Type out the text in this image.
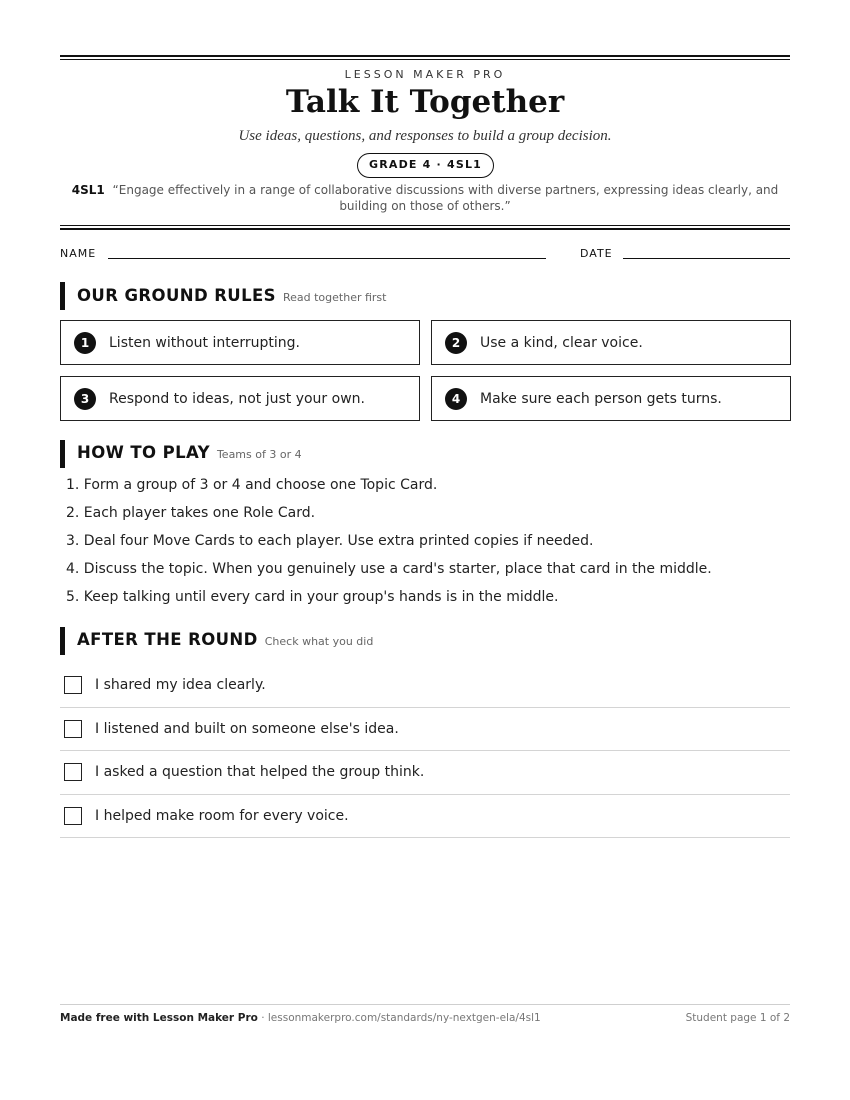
LESSON MAKER PRO
Talk It Together
Use ideas, questions, and responses to build a group decision.
GRADE 4 · 4SL1
4SL1 “Engage effectively in a range of collaborative discussions with diverse partners, expressing ideas clearly, and building on those of others.”
NAME	DATE
OUR GROUND RULES Read together first
1	Listen without interrupting.	2	Use a kind, clear voice.
3	Respond to ideas, not just your own.	4	Make sure each person gets turns.
HOW TO PLAY Teams of 3 or 4
1. Form a group of 3 or 4 and choose one Topic Card.
2. Each player takes one Role Card.
3. Deal four Move Cards to each player. Use extra printed copies if needed.
4. Discuss the topic. When you genuinely use a card's starter, place that card in the middle.
5. Keep talking until every card in your group's hands is in the middle.
AFTER THE ROUND Check what you did
I shared my idea clearly.
I listened and built on someone else's idea.
I asked a question that helped the group think.
I helped make room for every voice.
Made free with Lesson Maker Pro · lessonmakerpro.com/standards/ny-nextgen-ela/4sl1	Student page 1 of 2
